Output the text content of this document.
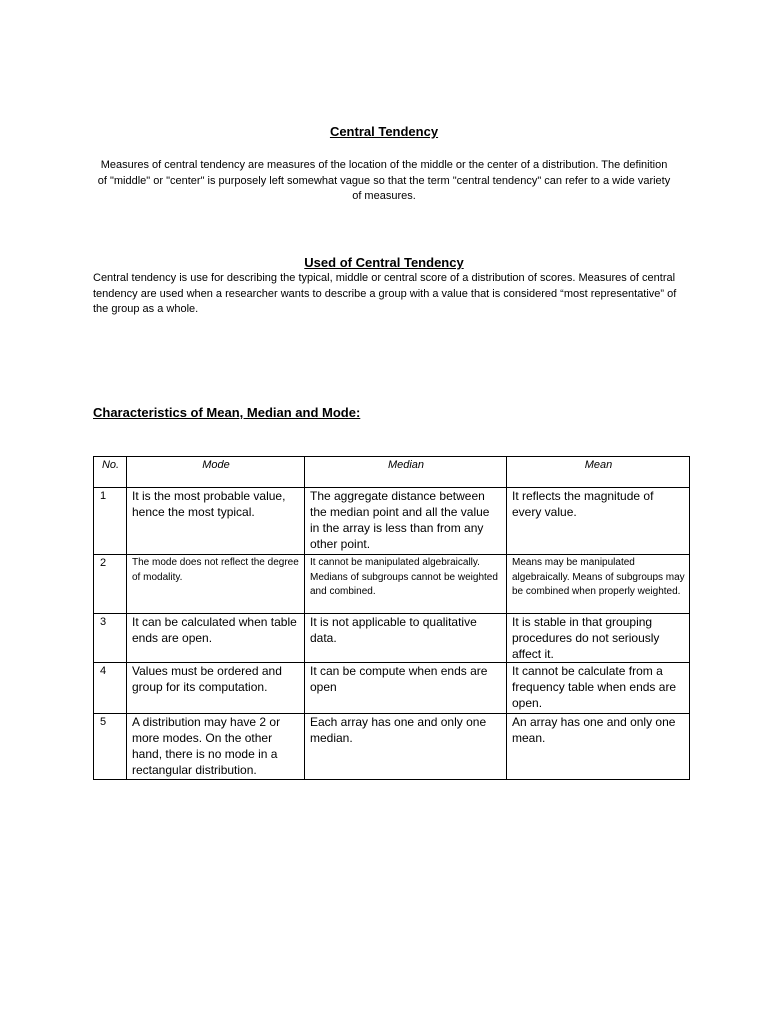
Central Tendency
Measures of central tendency are measures of the location of the middle or the center of a distribution. The definition of "middle" or "center" is purposely left somewhat vague so that the term "central tendency" can refer to a wide variety of measures.
Used of Central Tendency
Central tendency is use for describing the typical, middle or central score of a distribution of scores. Measures of central tendency are used when a researcher wants to describe a group with a value that is considered “most representative” of the group as a whole.
Characteristics of Mean, Median and Mode:
No.	Mode	Median	Mean
1	It is the most probable value, hence the most typical.	The aggregate distance between the median point and all the value in the array is less than from any other point.	It reflects the magnitude of every value.
2	The mode does not reflect the degree of modality.	It cannot be manipulated algebraically. Medians of subgroups cannot be weighted and combined.	Means may be manipulated algebraically. Means of subgroups may be combined when properly weighted.
3	It can be calculated when table ends are open.	It is not applicable to qualitative data.	It is stable in that grouping procedures do not seriously affect it.
4	Values must be ordered and group for its computation.	It can be compute when ends are open	It cannot be calculate from a frequency table when ends are open.
5	A distribution may have 2 or more modes. On the other hand, there is no mode in a rectangular distribution.	Each array has one and only one median.	An array has one and only one mean.
